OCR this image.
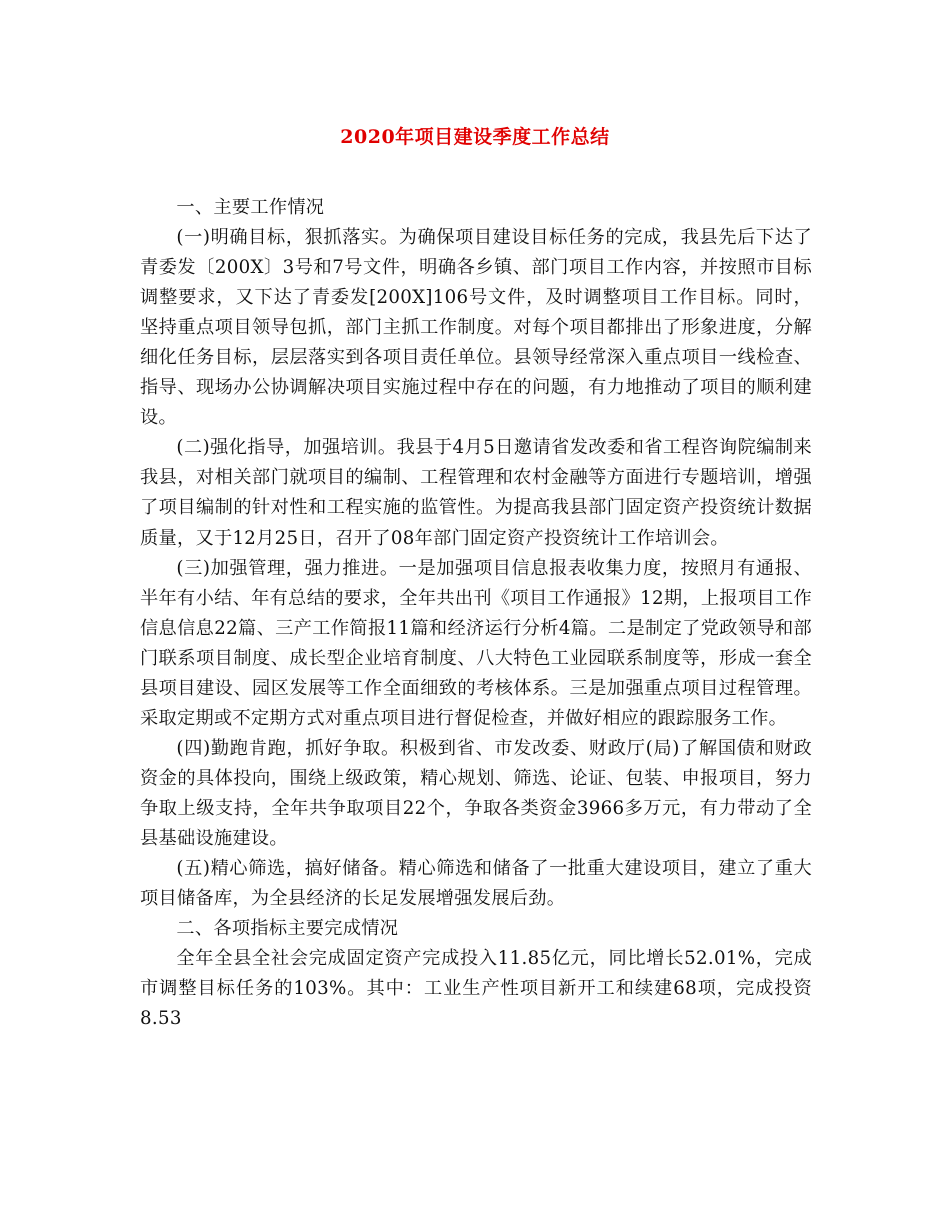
2020年项目建设季度工作总结

一、主要工作情况

(一)明确目标，狠抓落实。为确保项目建设目标任务的完成，我县先后下达了青委发〔200X〕3号和7号文件，明确各乡镇、部门项目工作内容，并按照市目标调整要求，又下达了青委发[200X]106号文件，及时调整项目工作目标。同时，坚持重点项目领导包抓，部门主抓工作制度。对每个项目都排出了形象进度，分解细化任务目标，层层落实到各项目责任单位。县领导经常深入重点项目一线检查、指导、现场办公协调解决项目实施过程中存在的问题，有力地推动了项目的顺利建设。

(二)强化指导，加强培训。我县于4月5日邀请省发改委和省工程咨询院编制来我县，对相关部门就项目的编制、工程管理和农村金融等方面进行专题培训，增强了项目编制的针对性和工程实施的监管性。为提高我县部门固定资产投资统计数据质量，又于12月25日，召开了08年部门固定资产投资统计工作培训会。

(三)加强管理，强力推进。一是加强项目信息报表收集力度，按照月有通报、半年有小结、年有总结的要求，全年共出刊《项目工作通报》12期，上报项目工作信息信息22篇、三产工作简报11篇和经济运行分析4篇。二是制定了党政领导和部门联系项目制度、成长型企业培育制度、八大特色工业园联系制度等，形成一套全县项目建设、园区发展等工作全面细致的考核体系。三是加强重点项目过程管理。采取定期或不定期方式对重点项目进行督促检查，并做好相应的跟踪服务工作。

(四)勤跑肯跑，抓好争取。积极到省、市发改委、财政厅(局)了解国债和财政资金的具体投向，围绕上级政策，精心规划、筛选、论证、包装、申报项目，努力争取上级支持，全年共争取项目22个，争取各类资金3966多万元，有力带动了全县基础设施建设。

(五)精心筛选，搞好储备。精心筛选和储备了一批重大建设项目，建立了重大项目储备库，为全县经济的长足发展增强发展后劲。

二、各项指标主要完成情况

全年全县全社会完成固定资产完成投入11.85亿元，同比增长52.01%，完成市调整目标任务的103%。其中：工业生产性项目新开工和续建68项，完成投资8.53
